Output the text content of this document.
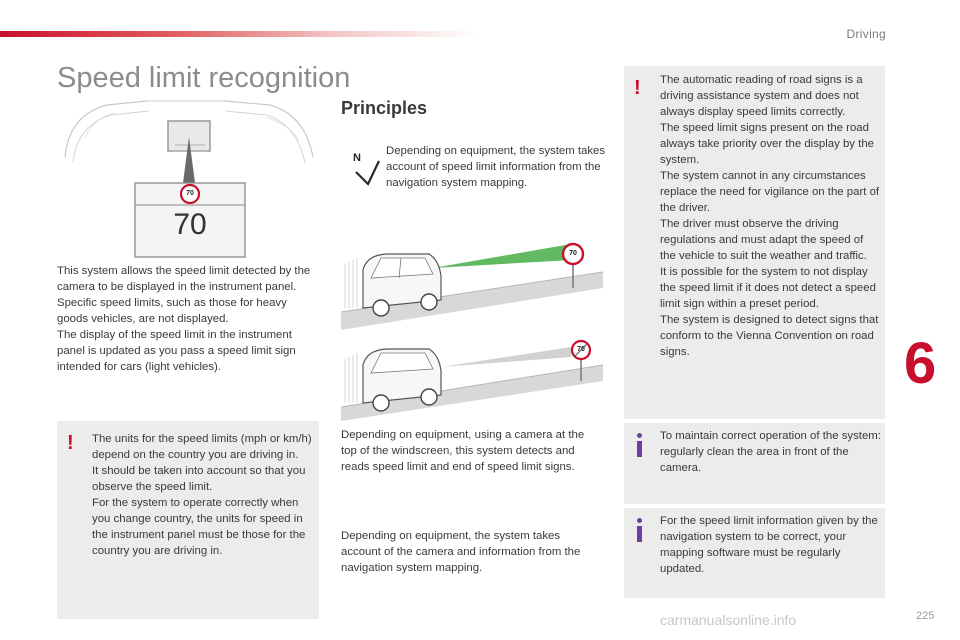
Driving
6
225
Speed limit recognition
Principles
70
70

This system allows the speed limit detected by the camera to be displayed in the instrument panel.

Specific speed limits, such as those for heavy goods vehicles, are not displayed.

The display of the speed limit in the instrument panel is updated as you pass a speed limit sign intended for cars (light vehicles).

! The units for the speed limits (mph or km/h) depend on the country you are driving in.

It should be taken into account so that you observe the speed limit.

For the system to operate correctly when you change country, the units for speed in the instrument panel must be those for the country you are driving in.

N
Depending on equipment, the system takes account of speed limit information from the navigation system mapping.
70
70
Depending on equipment, using a camera at the top of the windscreen, this system detects and reads speed limit and end of speed limit signs.
Depending on equipment, the system takes account of the camera and information from the navigation system mapping.
! The automatic reading of road signs is a driving assistance system and does not always display speed limits correctly.

The speed limit signs present on the road always take priority over the display by the system.

The system cannot in any circumstances replace the need for vigilance on the part of the driver.

The driver must observe the driving regulations and must adapt the speed of the vehicle to suit the weather and traffic.

It is possible for the system to not display the speed limit if it does not detect a speed limit sign within a preset period.

The system is designed to detect signs that conform to the Vienna Convention on road signs.

To maintain correct operation of the system: regularly clean the area in front of the camera.
For the speed limit information given by the navigation system to be correct, your mapping software must be regularly updated.
carmanualsonline.info
